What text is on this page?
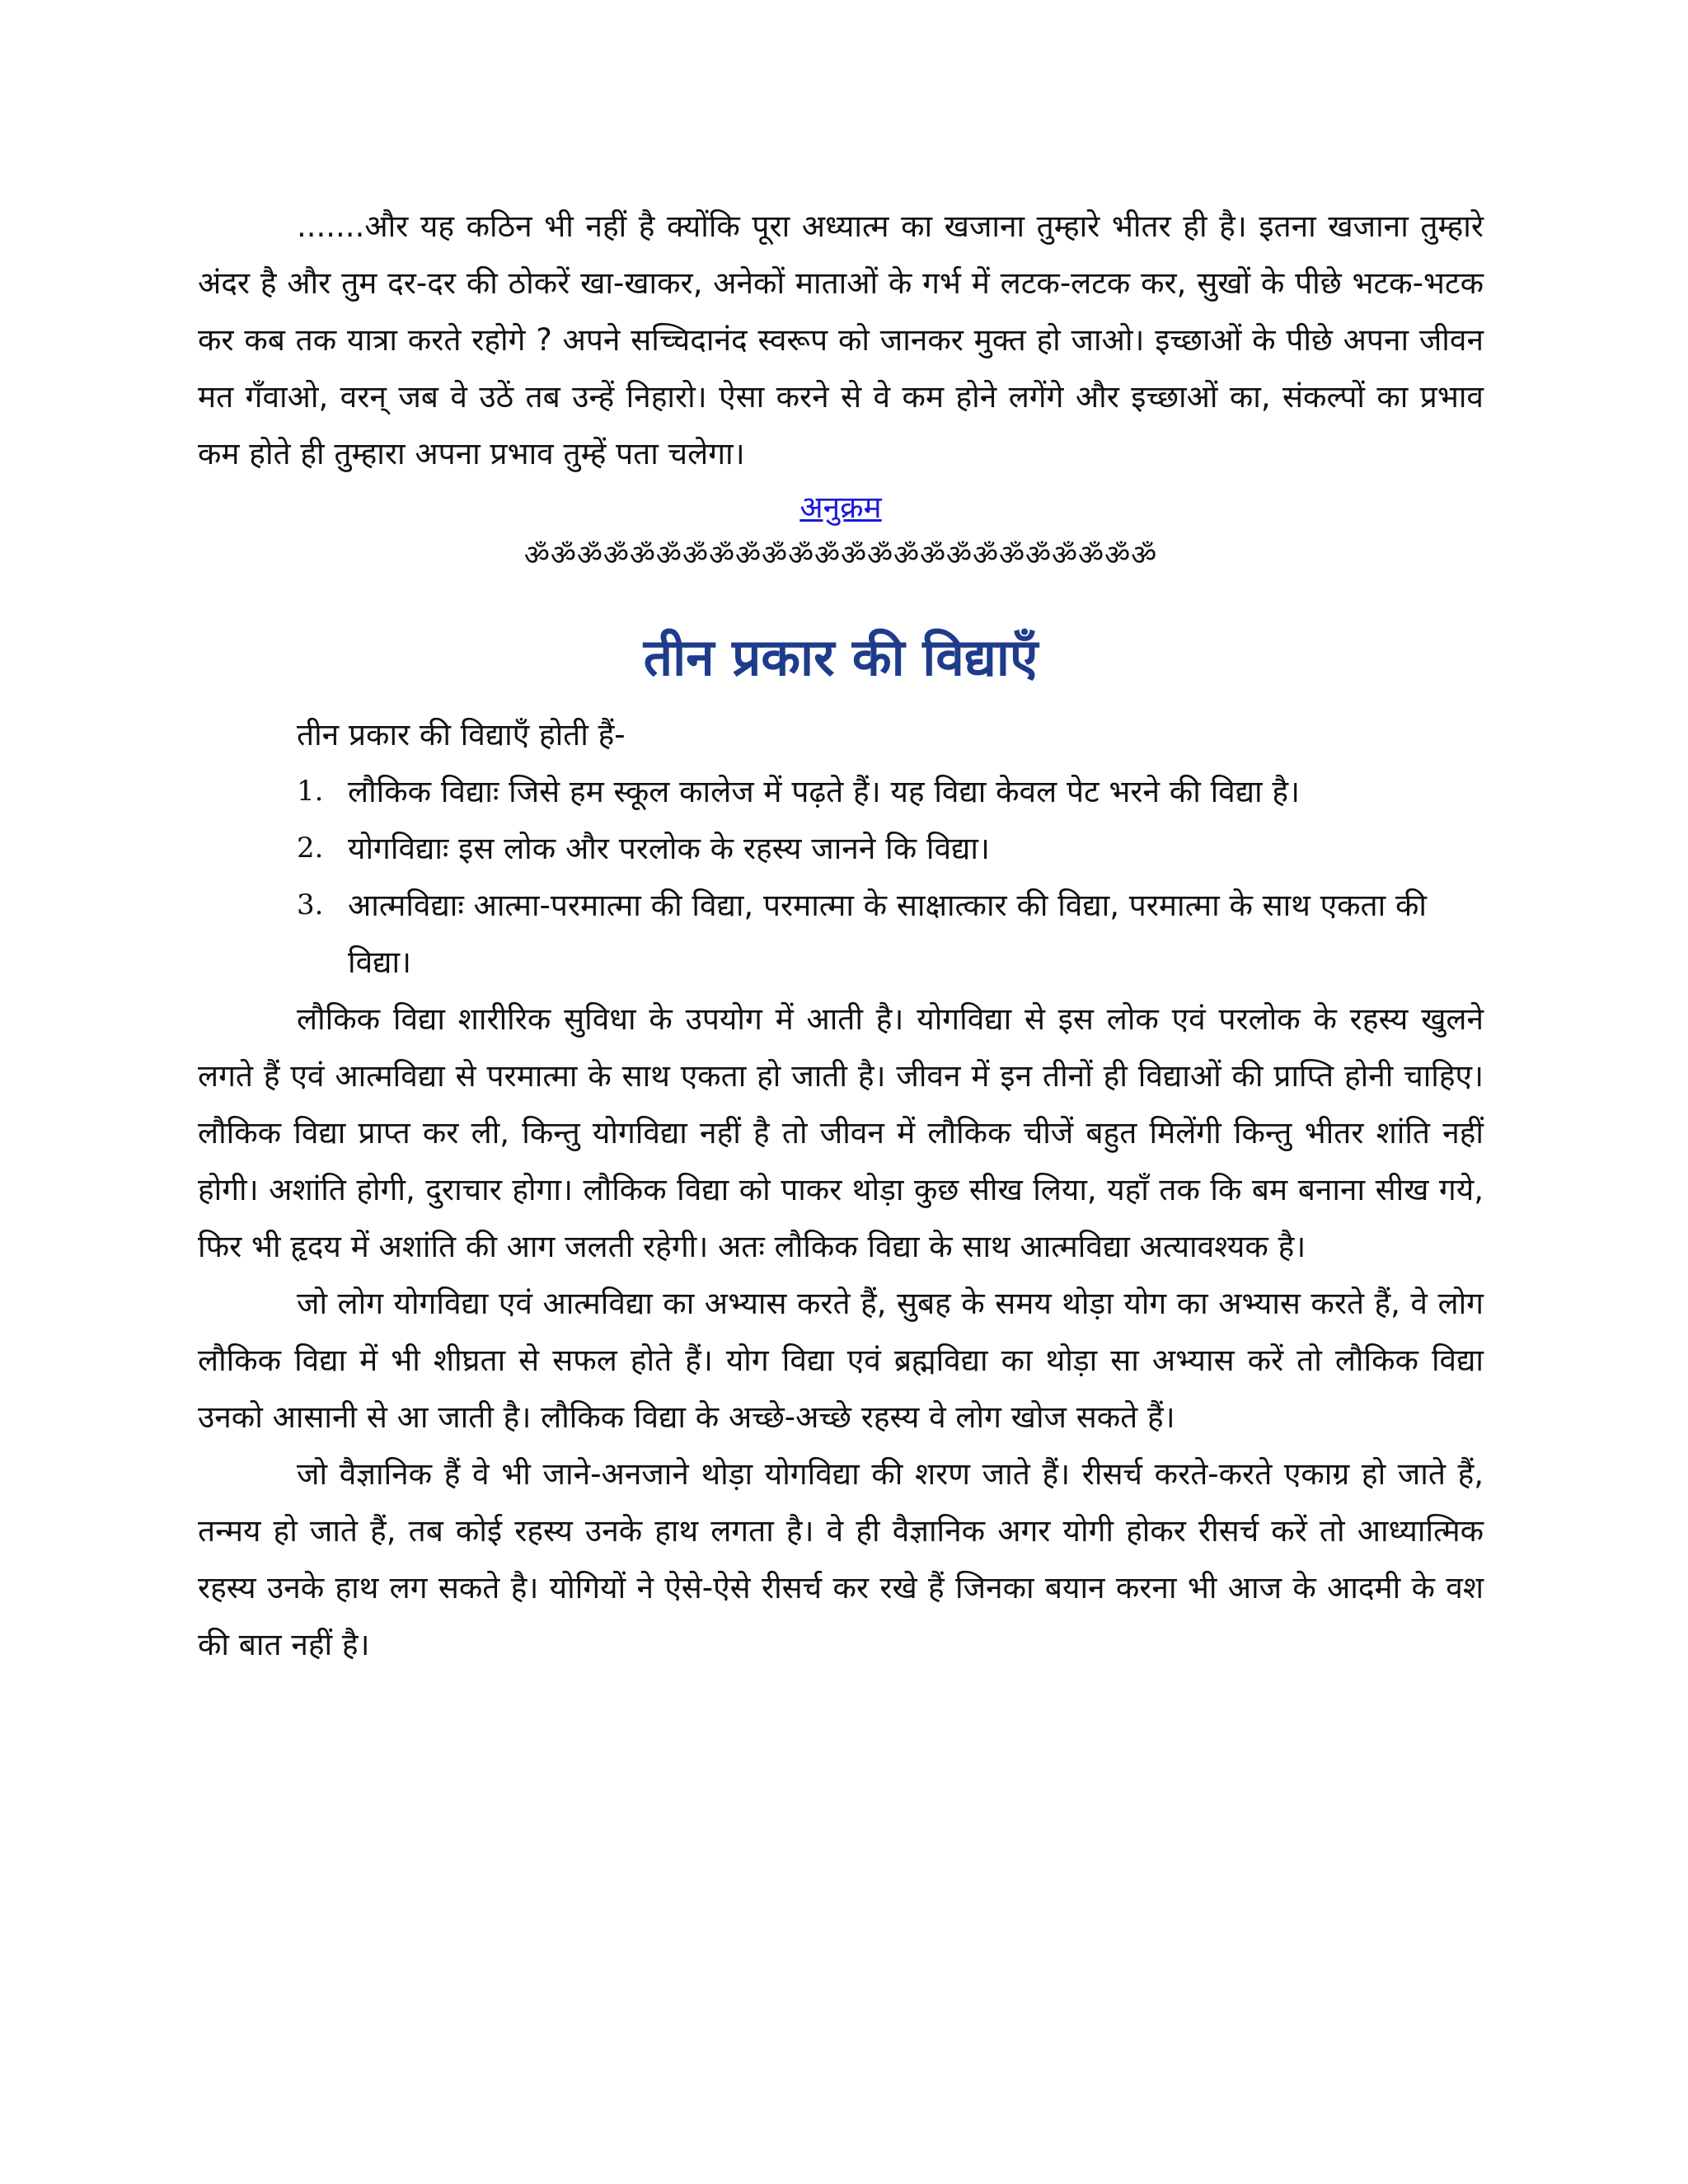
.......और यह कठिन भी नहीं है क्योंकि पूरा अध्यात्म का खजाना तुम्हारे भीतर ही है। इतना खजाना तुम्हारे अंदर है और तुम दर-दर की ठोकरें खा-खाकर, अनेकों माताओं के गर्भ में लटक-लटक कर, सुखों के पीछे भटक-भटक कर कब तक यात्रा करते रहोगे ? अपने सच्चिदानंद स्वरूप को जानकर मुक्त हो जाओ। इच्छाओं के पीछे अपना जीवन मत गँवाओ, वरन् जब वे उठें तब उन्हें निहारो। ऐसा करने से वे कम होने लगेंगे और इच्छाओं का, संकल्पों का प्रभाव कम होते ही तुम्हारा अपना प्रभाव तुम्हें पता चलेगा।

अनुक्रम
ॐॐॐॐॐॐॐॐॐॐॐॐॐॐॐॐॐॐॐॐॐॐॐॐ
तीन प्रकार की विद्याएँ

तीन प्रकार की विद्याएँ होती हैं-

1. लौकिक विद्याः जिसे हम स्कूल कालेज में पढ़ते हैं। यह विद्या केवल पेट भरने की विद्या है।
2. योगविद्याः इस लोक और परलोक के रहस्य जानने कि विद्या।
3. आत्मविद्याः आत्मा-परमात्मा की विद्या, परमात्मा के साक्षात्कार की विद्या, परमात्मा के साथ एकता की विद्या।

लौकिक विद्या शारीरिक सुविधा के उपयोग में आती है। योगविद्या से इस लोक एवं परलोक के रहस्य खुलने लगते हैं एवं आत्मविद्या से परमात्मा के साथ एकता हो जाती है। जीवन में इन तीनों ही विद्याओं की प्राप्ति होनी चाहिए। लौकिक विद्या प्राप्त कर ली, किन्तु योगविद्या नहीं है तो जीवन में लौकिक चीजें बहुत मिलेंगी किन्तु भीतर शांति नहीं होगी। अशांति होगी, दुराचार होगा। लौकिक विद्या को पाकर थोड़ा कुछ सीख लिया, यहाँ तक कि बम बनाना सीख गये, फिर भी हृदय में अशांति की आग जलती रहेगी। अतः लौकिक विद्या के साथ आत्मविद्या अत्यावश्यक है।

जो लोग योगविद्या एवं आत्मविद्या का अभ्यास करते हैं, सुबह के समय थोड़ा योग का अभ्यास करते हैं, वे लोग लौकिक विद्या में भी शीघ्रता से सफल होते हैं। योग विद्या एवं ब्रह्मविद्या का थोड़ा सा अभ्यास करें तो लौकिक विद्या उनको आसानी से आ जाती है। लौकिक विद्या के अच्छे-अच्छे रहस्य वे लोग खोज सकते हैं।

जो वैज्ञानिक हैं वे भी जाने-अनजाने थोड़ा योगविद्या की शरण जाते हैं। रीसर्च करते-करते एकाग्र हो जाते हैं, तन्मय हो जाते हैं, तब कोई रहस्य उनके हाथ लगता है। वे ही वैज्ञानिक अगर योगी होकर रीसर्च करें तो आध्यात्मिक रहस्य उनके हाथ लग सकते है। योगियों ने ऐसे-ऐसे रीसर्च कर रखे हैं जिनका बयान करना भी आज के आदमी के वश की बात नहीं है।
